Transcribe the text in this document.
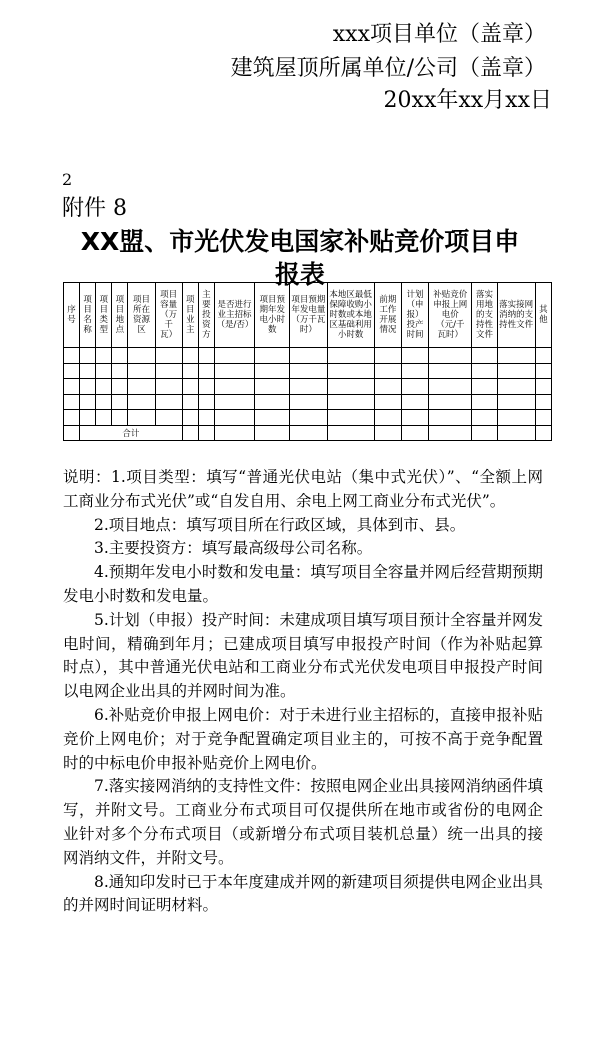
xxx项目单位（盖章）
建筑屋顶所属单位/公司（盖章）
20xx年xx月xx日
2
附件 8
XX盟、市光伏发电国家补贴竞价项目申
报表
序号	项目名称	项目类型	项目地点	项目所在资源区	项目容量（万千瓦）	项目业主	主要投资方	是否进行业主招标（是/否）	项目预期年发电小时数	项目预期年发电量（万千瓦时）	本地区最低保障收购小时数或本地区基础利用小时数	前期工作开展情况	计划（申报）投产时间	补贴竞价申报上网电价（元/千瓦时）	落实用地的支持性文件	落实接网消纳的支持性文件	其他

	合计																

说明：1.项目类型：填写“普通光伏电站（集中式光伏）”、“全额上网工商业分布式光伏”或“自发自用、余电上网工商业分布式光伏”。

2.项目地点：填写项目所在行政区域，具体到市、县。

3.主要投资方：填写最高级母公司名称。

4.预期年发电小时数和发电量：填写项目全容量并网后经营期预期发电小时数和发电量。

5.计划（申报）投产时间：未建成项目填写项目预计全容量并网发电时间，精确到年月；已建成项目填写申报投产时间（作为补贴起算时点），其中普通光伏电站和工商业分布式光伏发电项目申报投产时间以电网企业出具的并网时间为准。

6.补贴竞价申报上网电价：对于未进行业主招标的，直接申报补贴竞价上网电价；对于竞争配置确定项目业主的，可按不高于竞争配置时的中标电价申报补贴竞价上网电价。

7.落实接网消纳的支持性文件：按照电网企业出具接网消纳函件填写，并附文号。工商业分布式项目可仅提供所在地市或省份的电网企业针对多个分布式项目（或新增分布式项目装机总量）统一出具的接网消纳文件，并附文号。

8.通知印发时已于本年度建成并网的新建项目须提供电网企业出具的并网时间证明材料。
